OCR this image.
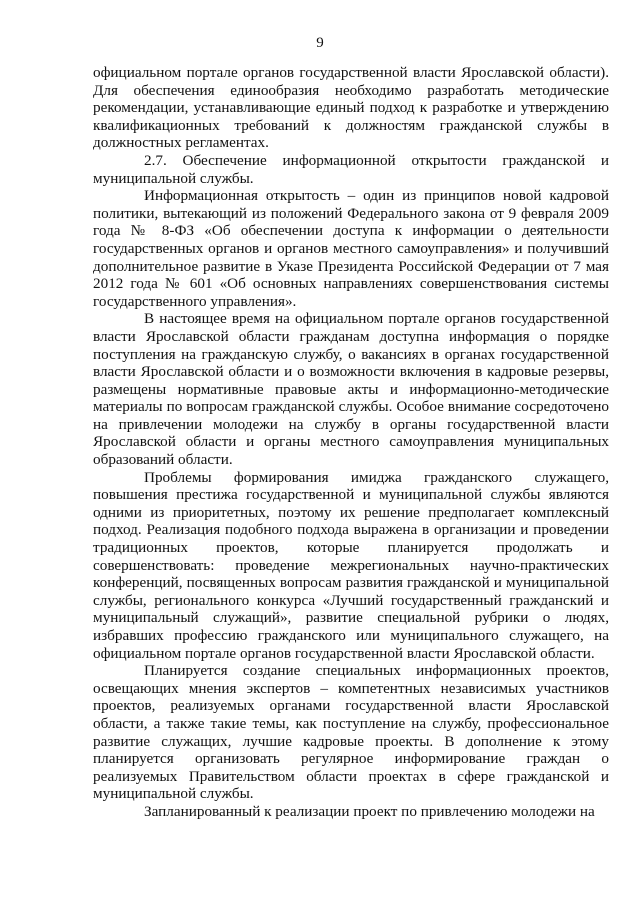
9

официальном портале органов государственной власти Ярославской области). Для обеспечения единообразия необходимо разработать методические рекомендации, устанавливающие единый подход к разработке и утверждению квалификационных требований к должностям гражданской службы в должностных регламентах.

2.7. Обеспечение информационной открытости гражданской и муниципальной службы.

Информационная открытость – один из принципов новой кадровой политики, вытекающий из положений Федерального закона от 9 февраля 2009 года № 8-ФЗ «Об обеспечении доступа к информации о деятельности государственных органов и органов местного самоуправления» и получивший дополнительное развитие в Указе Президента Российской Федерации от 7 мая 2012 года № 601 «Об основных направлениях совершенствования системы государственного управления».

В настоящее время на официальном портале органов государственной власти Ярославской области гражданам доступна информация о порядке поступления на гражданскую службу, о вакансиях в органах государственной власти Ярославской области и о возможности включения в кадровые резервы, размещены нормативные правовые акты и информационно-методические материалы по вопросам гражданской службы. Особое внимание сосредоточено на привлечении молодежи на службу в органы государственной власти Ярославской области и органы местного самоуправления муниципальных образований области.

Проблемы формирования имиджа гражданского служащего, повышения престижа государственной и муниципальной службы являются одними из приоритетных, поэтому их решение предполагает комплексный подход. Реализация подобного подхода выражена в организации и проведении традиционных проектов, которые планируется продолжать и совершенствовать: проведение межрегиональных научно-практических конференций, посвященных вопросам развития гражданской и муниципальной службы, регионального конкурса «Лучший государственный гражданский и муниципальный служащий», развитие специальной рубрики о людях, избравших профессию гражданского или муниципального служащего, на официальном портале органов государственной власти Ярославской области.

Планируется создание специальных информационных проектов, освещающих мнения экспертов – компетентных независимых участников проектов, реализуемых органами государственной власти Ярославской области, а также такие темы, как поступление на службу, профессиональное развитие служащих, лучшие кадровые проекты. В дополнение к этому планируется организовать регулярное информирование граждан о реализуемых Правительством области проектах в сфере гражданской и муниципальной службы.

Запланированный к реализации проект по привлечению молодежи на
